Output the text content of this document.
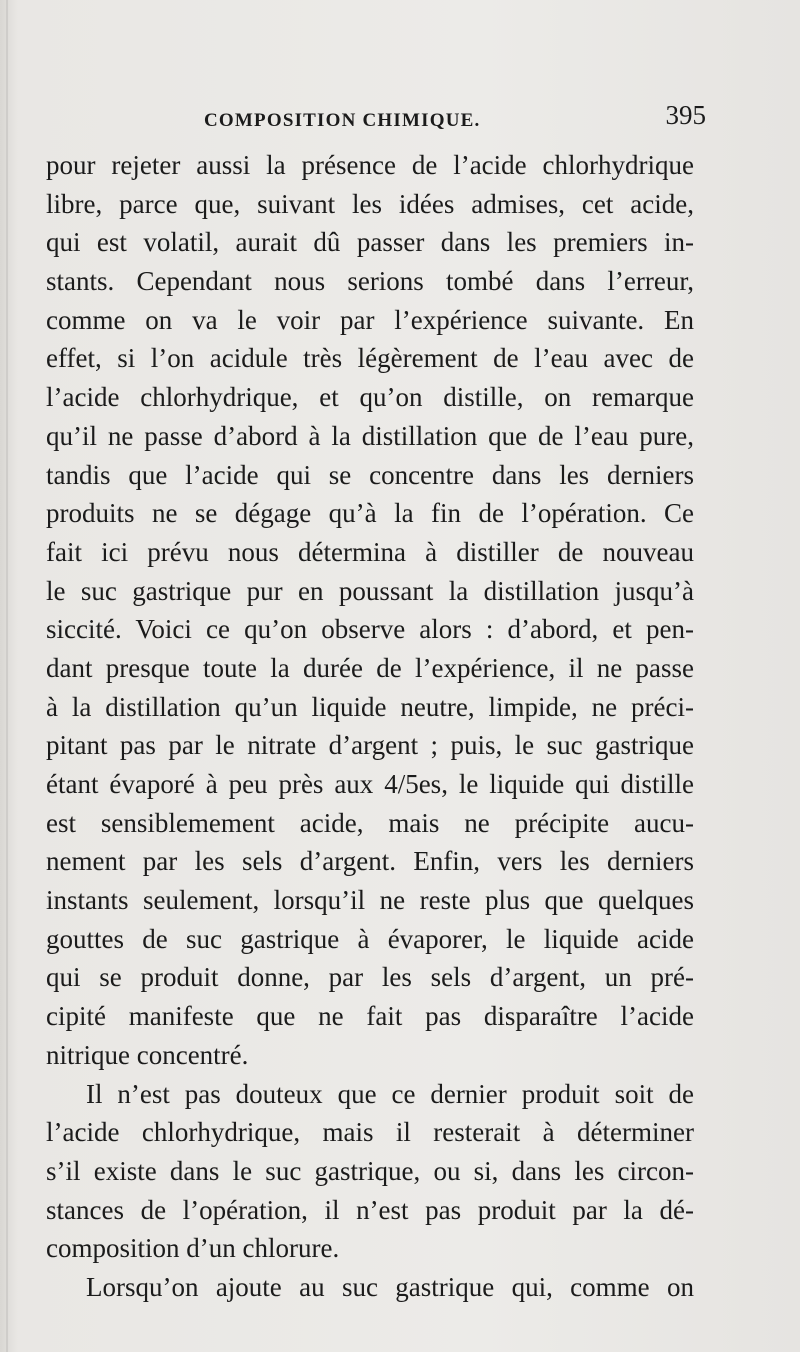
COMPOSITION CHIMIQUE.	395
pour rejeter aussi la présence de l’acide chlorhydrique
libre, parce que, suivant les idées admises, cet acide,
qui est volatil, aurait dû passer dans les premiers in-
stants. Cependant nous serions tombé dans l’erreur,
comme on va le voir par l’expérience suivante. En
effet, si l’on acidule très légèrement de l’eau avec de
l’acide chlorhydrique, et qu’on distille, on remarque
qu’il ne passe d’abord à la distillation que de l’eau pure,
tandis que l’acide qui se concentre dans les derniers
produits ne se dégage qu’à la fin de l’opération. Ce
fait ici prévu nous détermina à distiller de nouveau
le suc gastrique pur en poussant la distillation jusqu’à
siccité. Voici ce qu’on observe alors : d’abord, et pen-
dant presque toute la durée de l’expérience, il ne passe
à la distillation qu’un liquide neutre, limpide, ne préci-
pitant pas par le nitrate d’argent ; puis, le suc gastrique
étant évaporé à peu près aux 4/5es, le liquide qui distille
est sensiblemement acide, mais ne précipite aucu-
nement par les sels d’argent. Enfin, vers les derniers
instants seulement, lorsqu’il ne reste plus que quelques
gouttes de suc gastrique à évaporer, le liquide acide
qui se produit donne, par les sels d’argent, un pré-
cipité manifeste que ne fait pas disparaître l’acide
nitrique concentré.
Il n’est pas douteux que ce dernier produit soit de
l’acide chlorhydrique, mais il resterait à déterminer
s’il existe dans le suc gastrique, ou si, dans les circon-
stances de l’opération, il n’est pas produit par la dé-
composition d’un chlorure.
Lorsqu’on ajoute au suc gastrique qui, comme on
